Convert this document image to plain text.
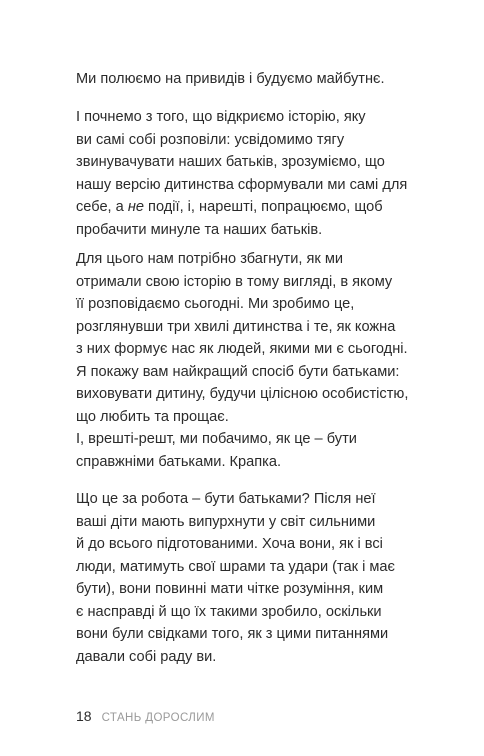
Ми полюємо на привидів і будуємо майбутнє.

І почнемо з того, що відкриємо історію, яку
ви самі собі розповіли: усвідомимо тягу
звинувачувати наших батьків, зрозуміємо, що
нашу версію дитинства сформували ми самі для
себе, а не події, і, нарешті, попрацюємо, щоб
пробачити минуле та наших батьків.

Для цього нам потрібно збагнути, як ми
отримали свою історію в тому вигляді, в якому
її розповідаємо сьогодні. Ми зробимо це,
розглянувши три хвилі дитинства і те, як кожна
з них формує нас як людей, якими ми є сьогодні.
Я покажу вам найкращий спосіб бути батьками:
виховувати дитину, будучи цілісною особистістю,
що любить та прощає.

І, врешті-решт, ми побачимо, як це – бути
справжніми батьками. Крапка.

Що це за робота – бути батьками? Після неї
ваші діти мають випурхнути у світ сильними
й до всього підготованими. Хоча вони, як і всі
люди, матимуть свої шрами та удари (так і має
бути), вони повинні мати чітке розуміння, ким
є насправді й що їх такими зробило, оскільки
вони були свідками того, як з цими питаннями
давали собі раду ви.

18 СТАНЬ ДОРОСЛИМ
